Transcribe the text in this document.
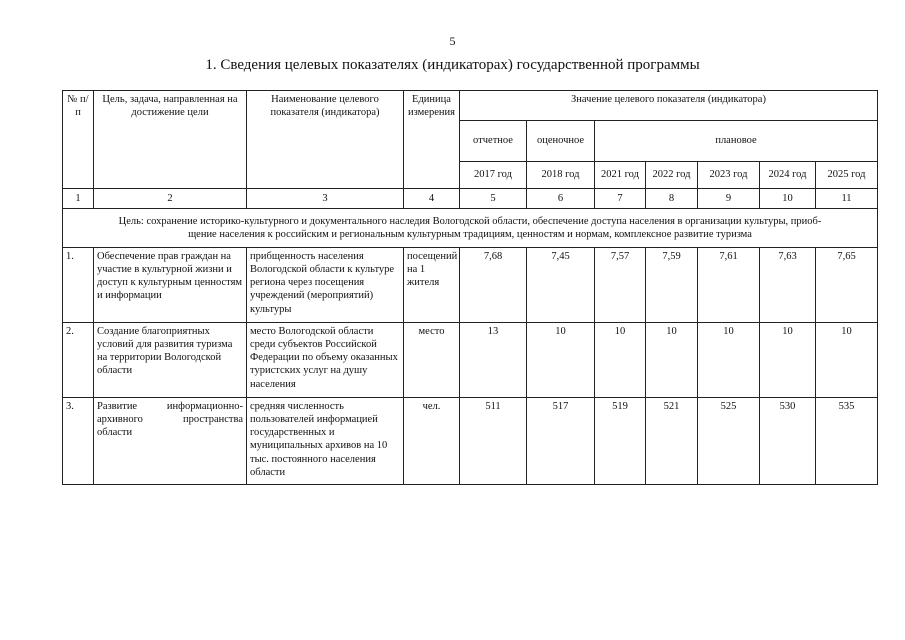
5
1. Сведения целевых показателях (индикаторах) государственной программы
№ п/п	Цель, задача, направленная на достижение цели	Наименование целевого показателя (индикатора)	Единица измерения	Значение целевого показателя (индикатора)						
				отчетное	оценочное	плановое				
				2017 год	2018 год	2021 год	2022 год	2023 год	2024 год	2025 год
1	2	3	4	5	6	7	8	9	10	11

Цель: сохранение историко-культурного и документального наследия Вологодской области, обеспечение доступа населения в организации культуры, приоб-
щение населения к российским и региональным культурным традициям, ценностям и нормам, комплексное развитие туризма										

1.	Обеспечение прав граждан на участие в культурной жизни и доступ к культурным ценностям и информации	прибщенность населения Вологодской области к культуре региона через посещения учреждений (мероприятий) культуры	посещений на 1 жителя	7,68	7,45	7,57	7,59	7,61	7,63	7,65
2.	Создание благоприятных условий для развития туризма на территории Вологодской области	место Вологодской области среди субъектов Российской Федерации по объему оказанных туристских услуг на душу населения	место	13	10	10	10	10	10	10
3.	Развитие информационно-архивного пространства области	средняя численность пользователей информацией государственных и муниципальных архивов на 10 тыс. постоянного населения области	чел.	511	517	519	521	525	530	535
